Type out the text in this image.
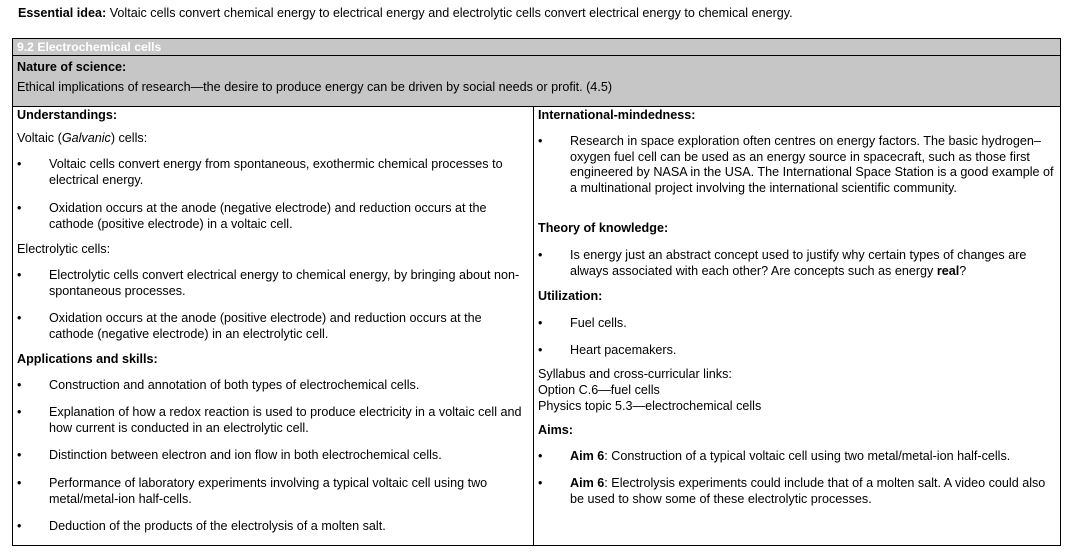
Essential idea: Voltaic cells convert chemical energy to electrical energy and electrolytic cells convert electrical energy to chemical energy.
9.2 Electrochemical cells
Nature of science:
Ethical implications of research—the desire to produce energy can be driven by social needs or profit. (4.5)

Understandings:
Voltaic (Galvanic) cells:
• Voltaic cells convert energy from spontaneous, exothermic chemical processes to electrical energy.
• Oxidation occurs at the anode (negative electrode) and reduction occurs at the cathode (positive electrode) in a voltaic cell.
Electrolytic cells:
• Electrolytic cells convert electrical energy to chemical energy, by bringing about non-spontaneous processes.
• Oxidation occurs at the anode (positive electrode) and reduction occurs at the cathode (negative electrode) in an electrolytic cell.
Applications and skills:
• Construction and annotation of both types of electrochemical cells.
• Explanation of how a redox reaction is used to produce electricity in a voltaic cell and how current is conducted in an electrolytic cell.
• Distinction between electron and ion flow in both electrochemical cells.
• Performance of laboratory experiments involving a typical voltaic cell using two metal/metal-ion half-cells.
• Deduction of the products of the electrolysis of a molten salt.

International-mindedness:
• Research in space exploration often centres on energy factors. The basic hydrogen–oxygen fuel cell can be used as an energy source in spacecraft, such as those first engineered by NASA in the USA. The International Space Station is a good example of a multinational project involving the international scientific community.
Theory of knowledge:
• Is energy just an abstract concept used to justify why certain types of changes are always associated with each other? Are concepts such as energy real?
Utilization:
• Fuel cells.
• Heart pacemakers.
Syllabus and cross-curricular links:
Option C.6—fuel cells
Physics topic 5.3—electrochemical cells
Aims:
• Aim 6: Construction of a typical voltaic cell using two metal/metal-ion half-cells.
• Aim 6: Electrolysis experiments could include that of a molten salt. A video could also be used to show some of these electrolytic processes.
